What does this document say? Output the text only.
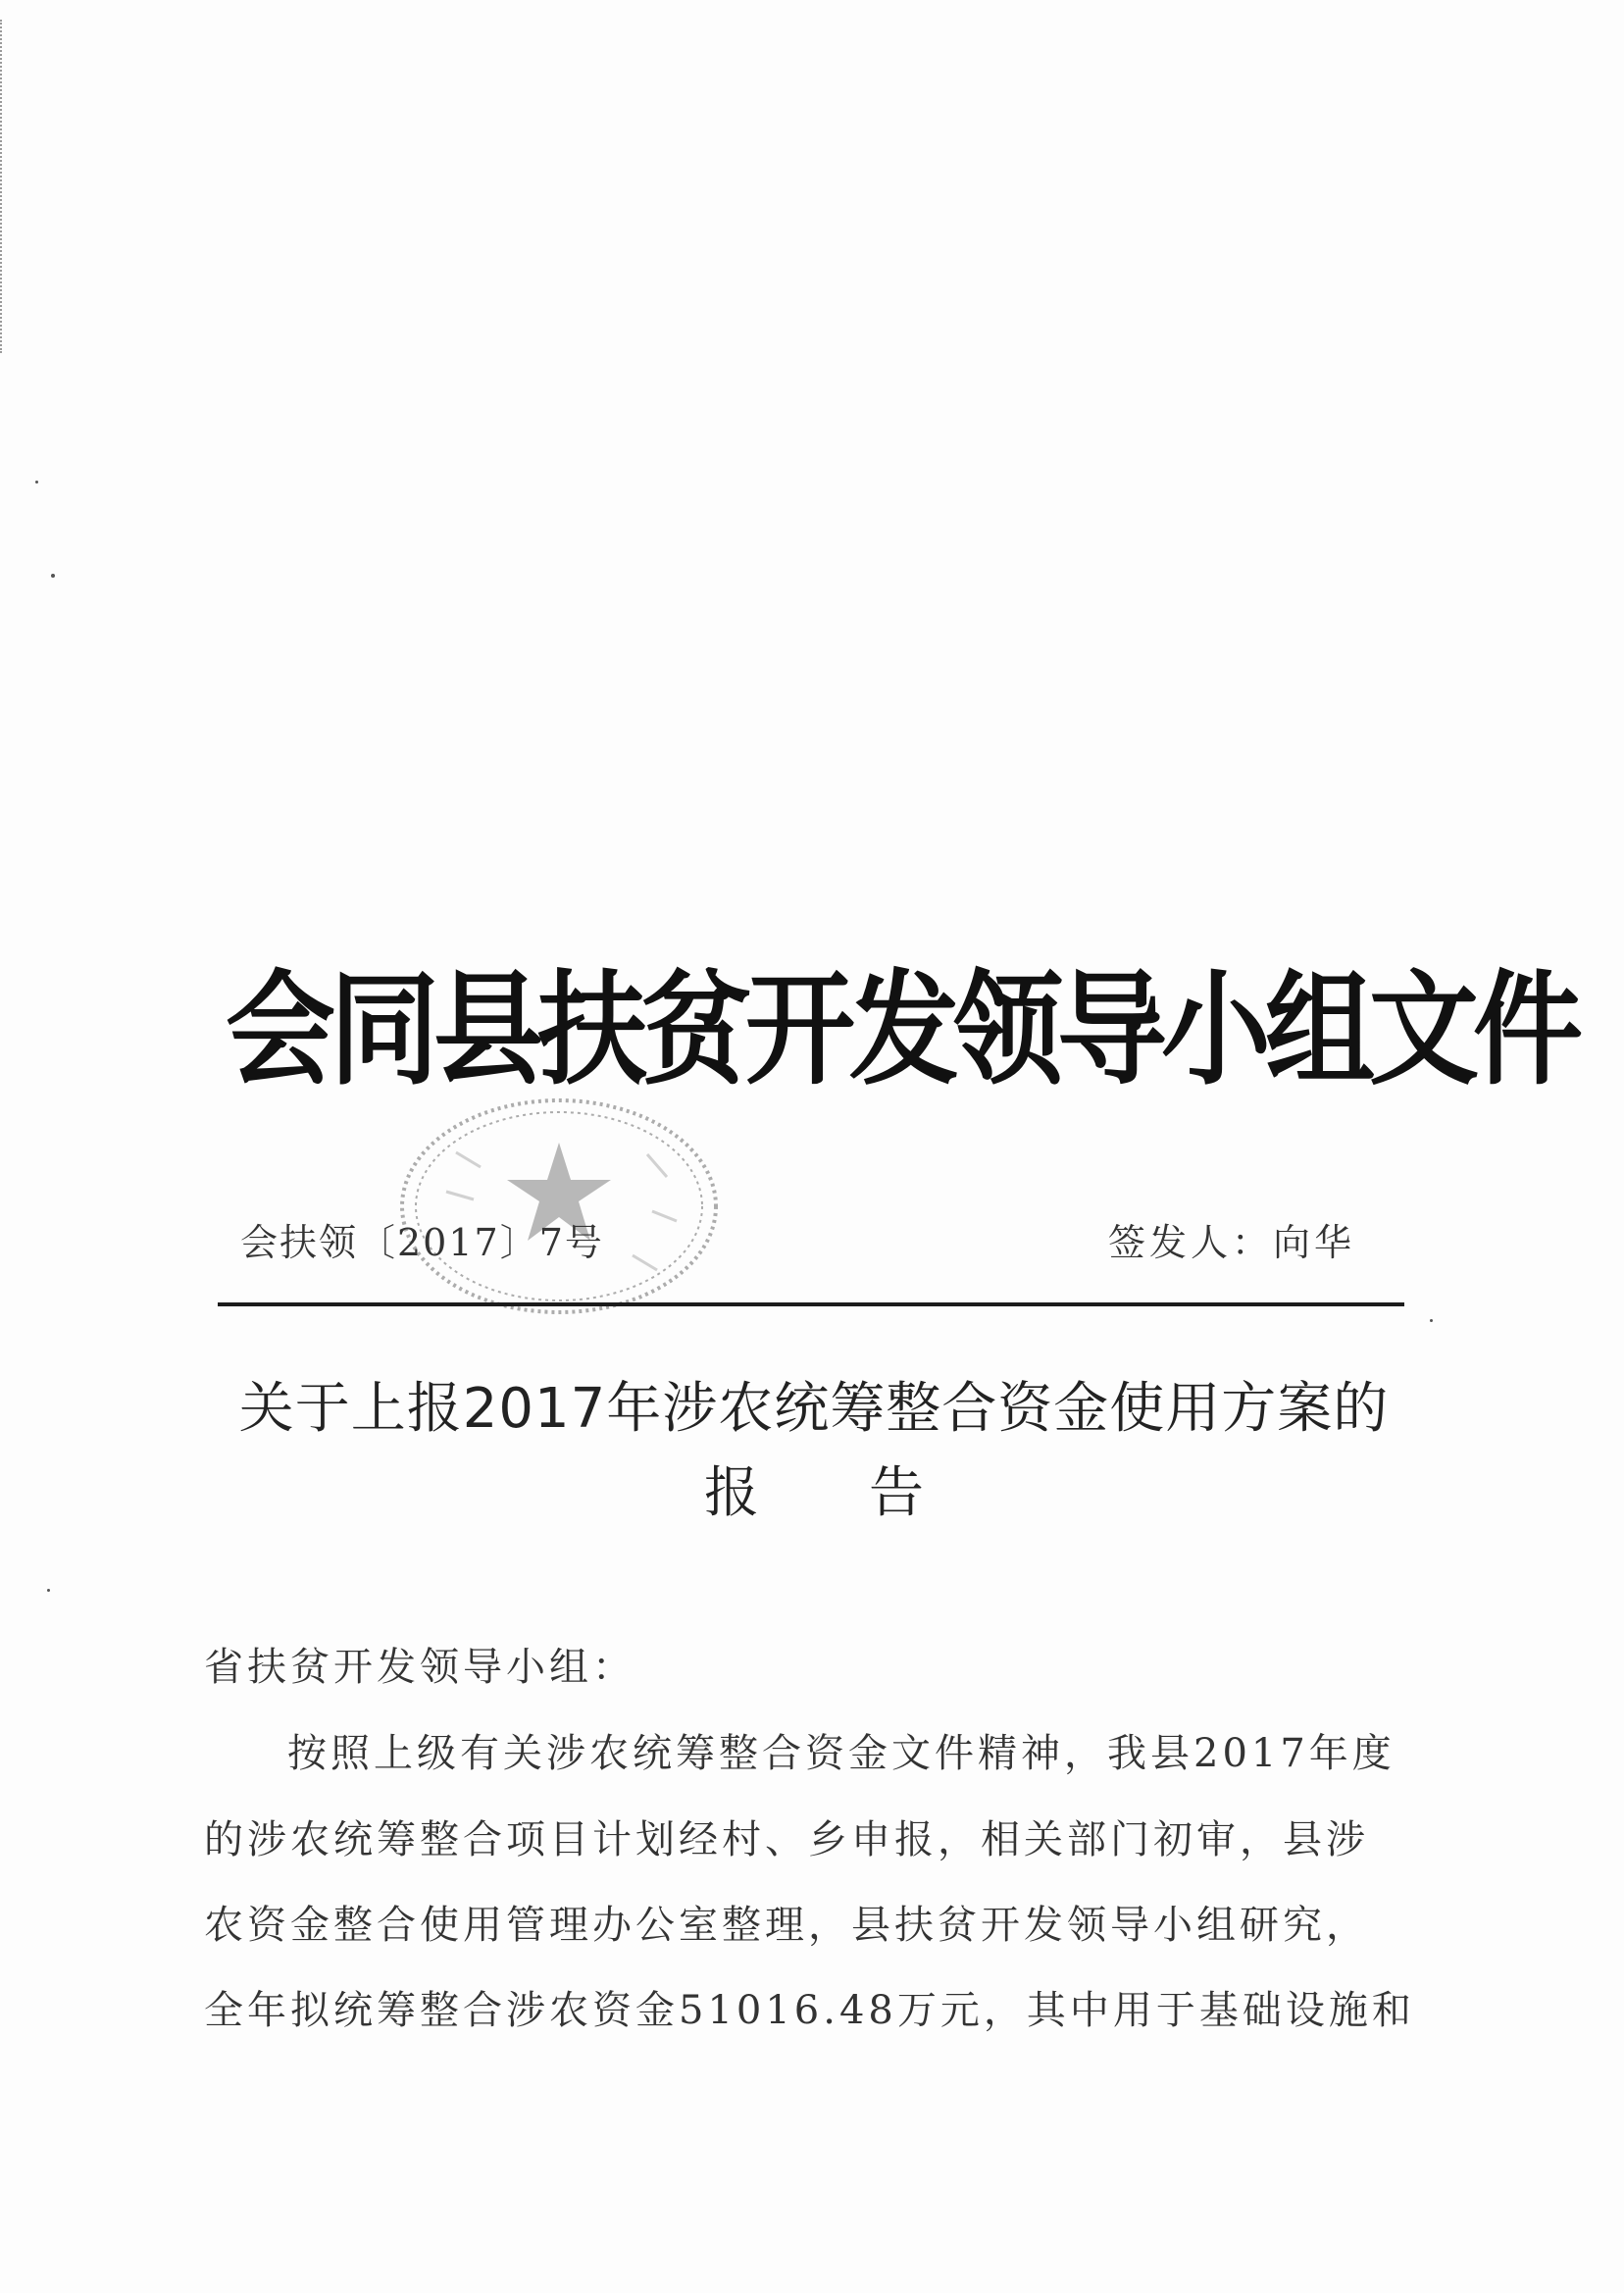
会同县扶贫开发领导小组文件
会扶领〔2017〕7号	签发人：向华
关于上报2017年涉农统筹整合资金使用方案的
报　　告
省扶贫开发领导小组：
按照上级有关涉农统筹整合资金文件精神，我县2017年度
的涉农统筹整合项目计划经村、乡申报，相关部门初审，县涉
农资金整合使用管理办公室整理，县扶贫开发领导小组研究，
全年拟统筹整合涉农资金51016.48万元，其中用于基础设施和
